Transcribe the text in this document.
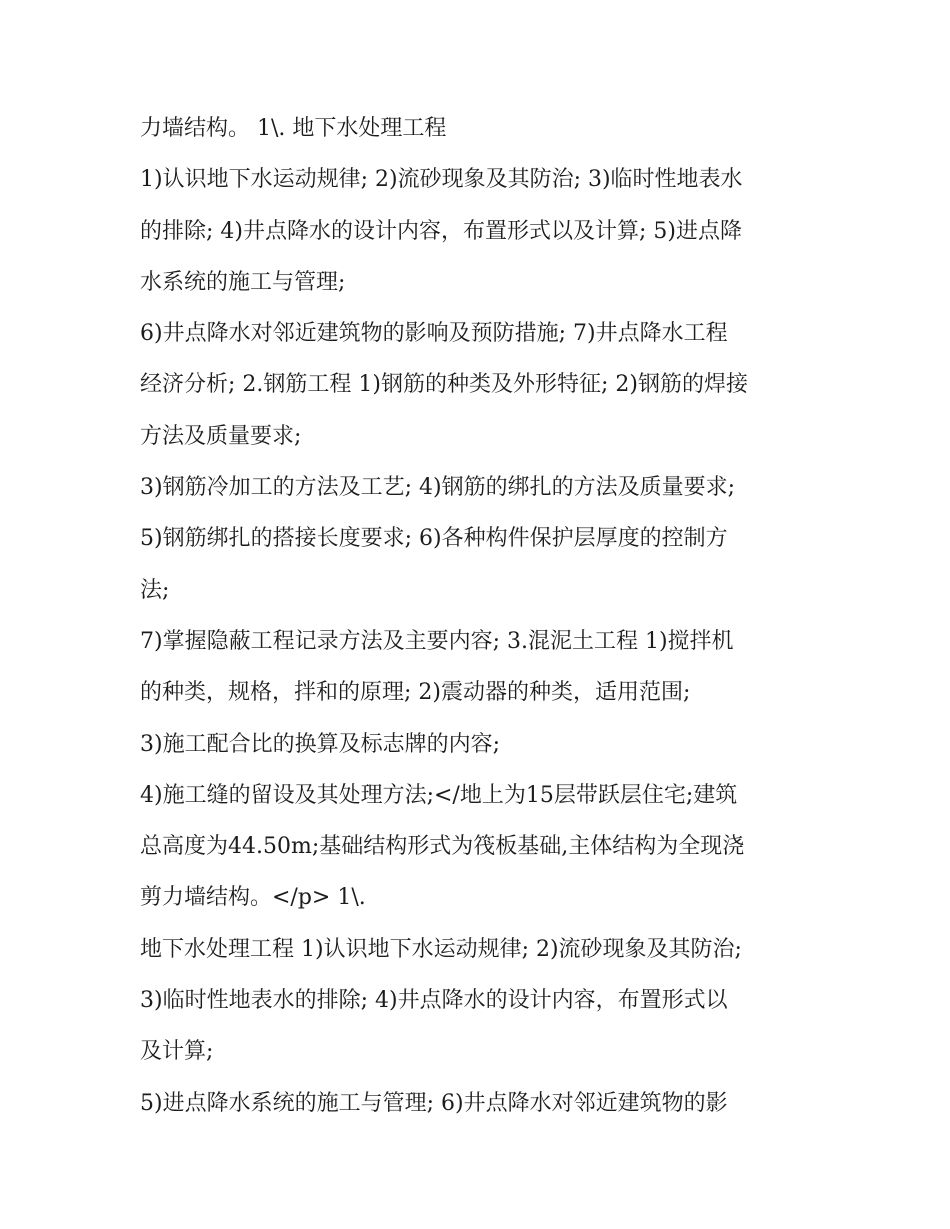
力墙结构。 1\. 地下水处理工程
1)认识地下水运动规律; 2)流砂现象及其防治; 3)临时性地表水
的排除; 4)井点降水的设计内容，布置形式以及计算; 5)进点降
水系统的施工与管理;
6)井点降水对邻近建筑物的影响及预防措施; 7)井点降水工程
经济分析; 2.钢筋工程 1)钢筋的种类及外形特征; 2)钢筋的焊接
方法及质量要求;
3)钢筋冷加工的方法及工艺; 4)钢筋的绑扎的方法及质量要求;
5)钢筋绑扎的搭接长度要求; 6)各种构件保护层厚度的控制方
法;
7)掌握隐蔽工程记录方法及主要内容; 3.混泥土工程 1)搅拌机
的种类，规格，拌和的原理; 2)震动器的种类，适用范围;
3)施工配合比的换算及标志牌的内容;
4)施工缝的留设及其处理方法;</地上为15层带跃层住宅;建筑
总高度为44.50m;基础结构形式为筏板基础,主体结构为全现浇
剪力墙结构。</p> 1\.
地下水处理工程 1)认识地下水运动规律; 2)流砂现象及其防治;
3)临时性地表水的排除; 4)井点降水的设计内容，布置形式以
及计算;
5)进点降水系统的施工与管理; 6)井点降水对邻近建筑物的影
